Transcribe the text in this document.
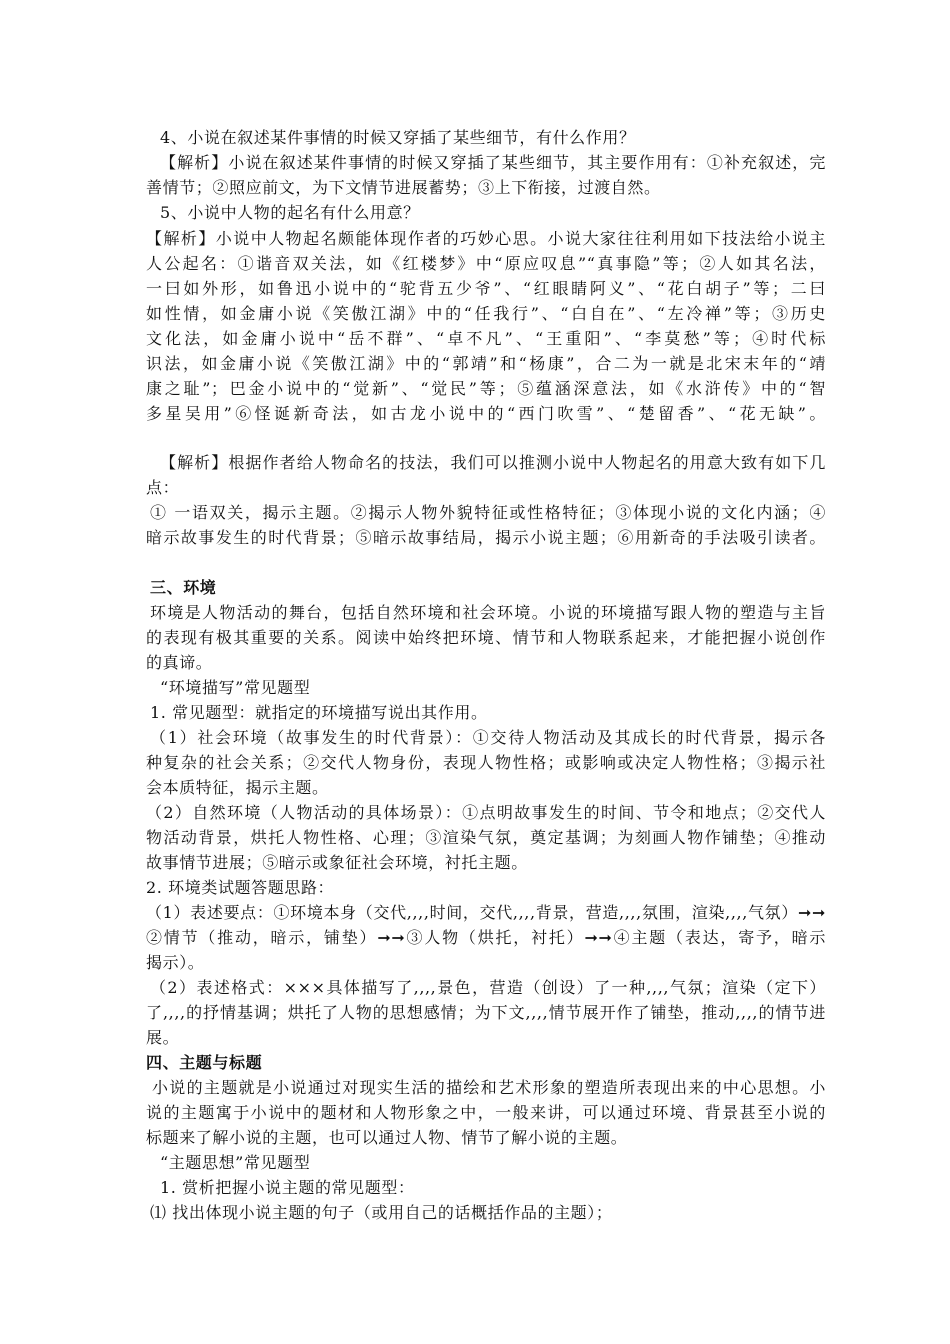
4、小说在叙述某件事情的时候又穿插了某些细节，有什么作用？
【解析】小说在叙述某件事情的时候又穿插了某些细节，其主要作用有：①补充叙述，完
善情节；②照应前文，为下文情节进展蓄势；③上下衔接，过渡自然。
5、小说中人物的起名有什么用意？
【解析】小说中人物起名颇能体现作者的巧妙心思。小说大家往往利用如下技法给小说主
人公起名：①谐音双关法，如《红楼梦》中“原应叹息”“真事隐”等；②人如其名法，
一曰如外形，如鲁迅小说中的“驼背五少爷”、“红眼睛阿义”、“花白胡子”等；二曰
如性情，如金庸小说《笑傲江湖》中的“任我行”、“白自在”、“左冷禅”等；③历史
文化法，如金庸小说中“岳不群”、“卓不凡”、“王重阳”、“李莫愁”等；④时代标
识法，如金庸小说《笑傲江湖》中的“郭靖”和“杨康”，合二为一就是北宋末年的“靖
康之耻”；巴金小说中的“觉新”、“觉民”等；⑤蕴涵深意法，如《水浒传》中的“智
多星吴用”⑥怪诞新奇法，如古龙小说中的“西门吹雪”、“楚留香”、“花无缺”。
【解析】根据作者给人物命名的技法，我们可以推测小说中人物起名的用意大致有如下几
点：
① 一语双关，揭示主题。②揭示人物外貌特征或性格特征；③体现小说的文化内涵；④
暗示故事发生的时代背景；⑤暗示故事结局，揭示小说主题；⑥用新奇的手法吸引读者。
三、环境
环境是人物活动的舞台，包括自然环境和社会环境。小说的环境描写跟人物的塑造与主旨
的表现有极其重要的关系。阅读中始终把环境、情节和人物联系起来，才能把握小说创作
的真谛。
“环境描写”常见题型
1. 常见题型：就指定的环境描写说出其作用。
（1）社会环境（故事发生的时代背景）：①交待人物活动及其成长的时代背景，揭示各
种复杂的社会关系；②交代人物身份，表现人物性格；或影响或决定人物性格；③揭示社
会本质特征，揭示主题。
（2）自然环境（人物活动的具体场景）：①点明故事发生的时间、节令和地点；②交代人
物活动背景，烘托人物性格、心理；③渲染气氛，奠定基调；为刻画人物作铺垫；④推动
故事情节进展；⑤暗示或象征社会环境，衬托主题。
2. 环境类试题答题思路：
（1）表述要点：①环境本身（交代,,,,时间，交代,,,,背景，营造,,,,氛围，渲染,,,,气氛）➞➞
②情节（推动，暗示，铺垫）➞➞③人物（烘托，衬托）➞➞④主题（表达，寄予，暗示
揭示）。
（2）表述格式：×××具体描写了,,,,景色，营造（创设）了一种,,,,气氛；渲染（定下）
了,,,,的抒情基调；烘托了人物的思想感情；为下文,,,,情节展开作了铺垫，推动,,,,的情节进
展。
四、主题与标题
小说的主题就是小说通过对现实生活的描绘和艺术形象的塑造所表现出来的中心思想。小
说的主题寓于小说中的题材和人物形象之中，一般来讲，可以通过环境、背景甚至小说的
标题来了解小说的主题，也可以通过人物、情节了解小说的主题。
“主题思想”常见题型
1. 赏析把握小说主题的常见题型：
⑴ 找出体现小说主题的句子（或用自己的话概括作品的主题）；
